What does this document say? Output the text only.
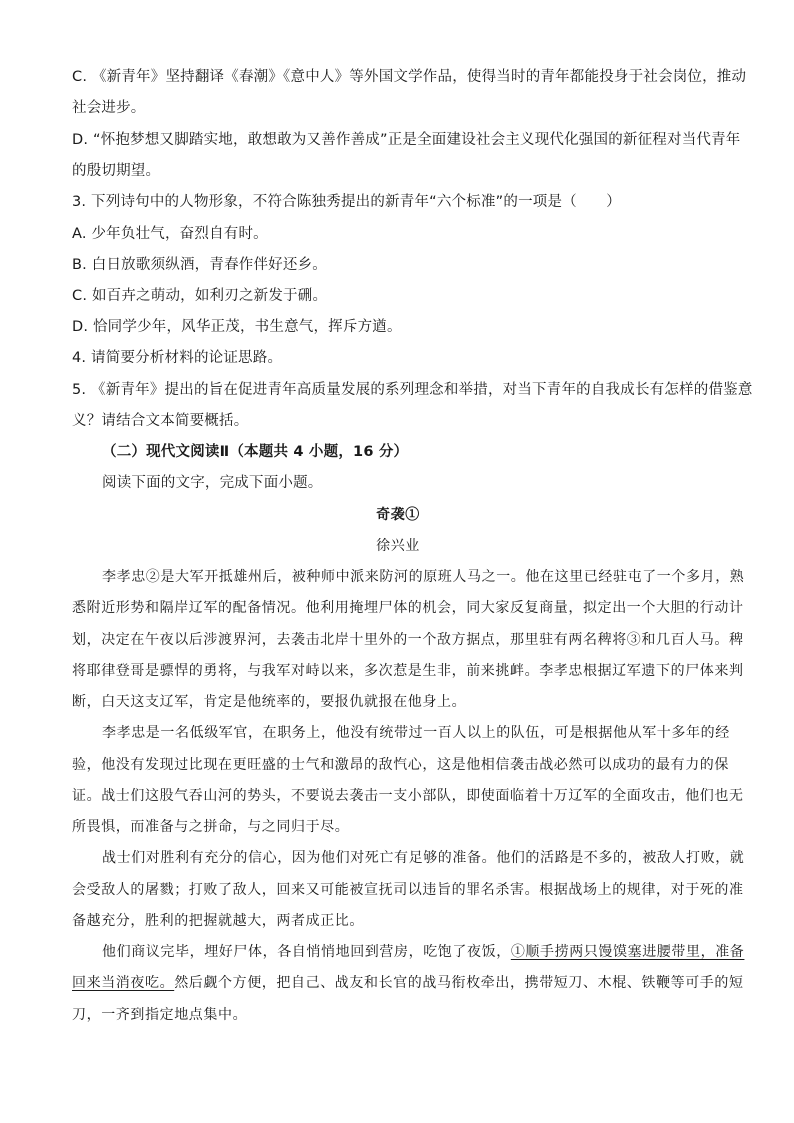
C. 《新青年》坚持翻译《春潮》《意中人》等外国文学作品，使得当时的青年都能投身于社会岗位，推动
社会进步。
D. “怀抱梦想又脚踏实地，敢想敢为又善作善成”正是全面建设社会主义现代化强国的新征程对当代青年
的殷切期望。
3. 下列诗句中的人物形象，不符合陈独秀提出的新青年“六个标准”的一项是（　　）
A. 少年负壮气，奋烈自有时。
B. 白日放歌须纵酒，青春作伴好还乡。
C. 如百卉之萌动，如利刃之新发于硎。
D. 恰同学少年，风华正茂，书生意气，挥斥方遒。
4. 请简要分析材料的论证思路。
5. 《新青年》提出的旨在促进青年高质量发展的系列理念和举措，对当下青年的自我成长有怎样的借鉴意
义？请结合文本简要概括。
（二）现代文阅读Ⅱ（本题共 4 小题，16 分）
阅读下面的文字，完成下面小题。
奇袭①
徐兴业
李孝忠②是大军开抵雄州后，被种师中派来防河的原班人马之一。他在这里已经驻屯了一个多月，熟
悉附近形势和隔岸辽军的配备情况。他利用掩埋尸体的机会，同大家反复商量，拟定出一个大胆的行动计
划，决定在午夜以后涉渡界河，去袭击北岸十里外的一个敌方据点，那里驻有两名稗将③和几百人马。稗
将耶律登哥是骠悍的勇将，与我军对峙以来，多次惹是生非，前来挑衅。李孝忠根据辽军遗下的尸体来判
断，白天这支辽军，肯定是他统率的，要报仇就报在他身上。
李孝忠是一名低级军官，在职务上，他没有统带过一百人以上的队伍，可是根据他从军十多年的经
验，他没有发现过比现在更旺盛的士气和激昂的敌忾心，这是他相信袭击战必然可以成功的最有力的保
证。战士们这股气吞山河的势头，不要说去袭击一支小部队，即使面临着十万辽军的全面攻击，他们也无
所畏惧，而准备与之拼命，与之同归于尽。
战士们对胜利有充分的信心，因为他们对死亡有足够的准备。他们的活路是不多的，被敌人打败，就
会受敌人的屠戮；打败了敌人，回来又可能被宣抚司以违旨的罪名杀害。根据战场上的规律，对于死的准
备越充分，胜利的把握就越大，两者成正比。
他们商议完毕，埋好尸体，各自悄悄地回到营房，吃饱了夜饭，①顺手捞两只馒馍塞进腰带里，准备
回来当消夜吃。然后觑个方便，把自己、战友和长官的战马衔枚牵出，携带短刀、木棍、铁鞭等可手的短
刀，一齐到指定地点集中。
